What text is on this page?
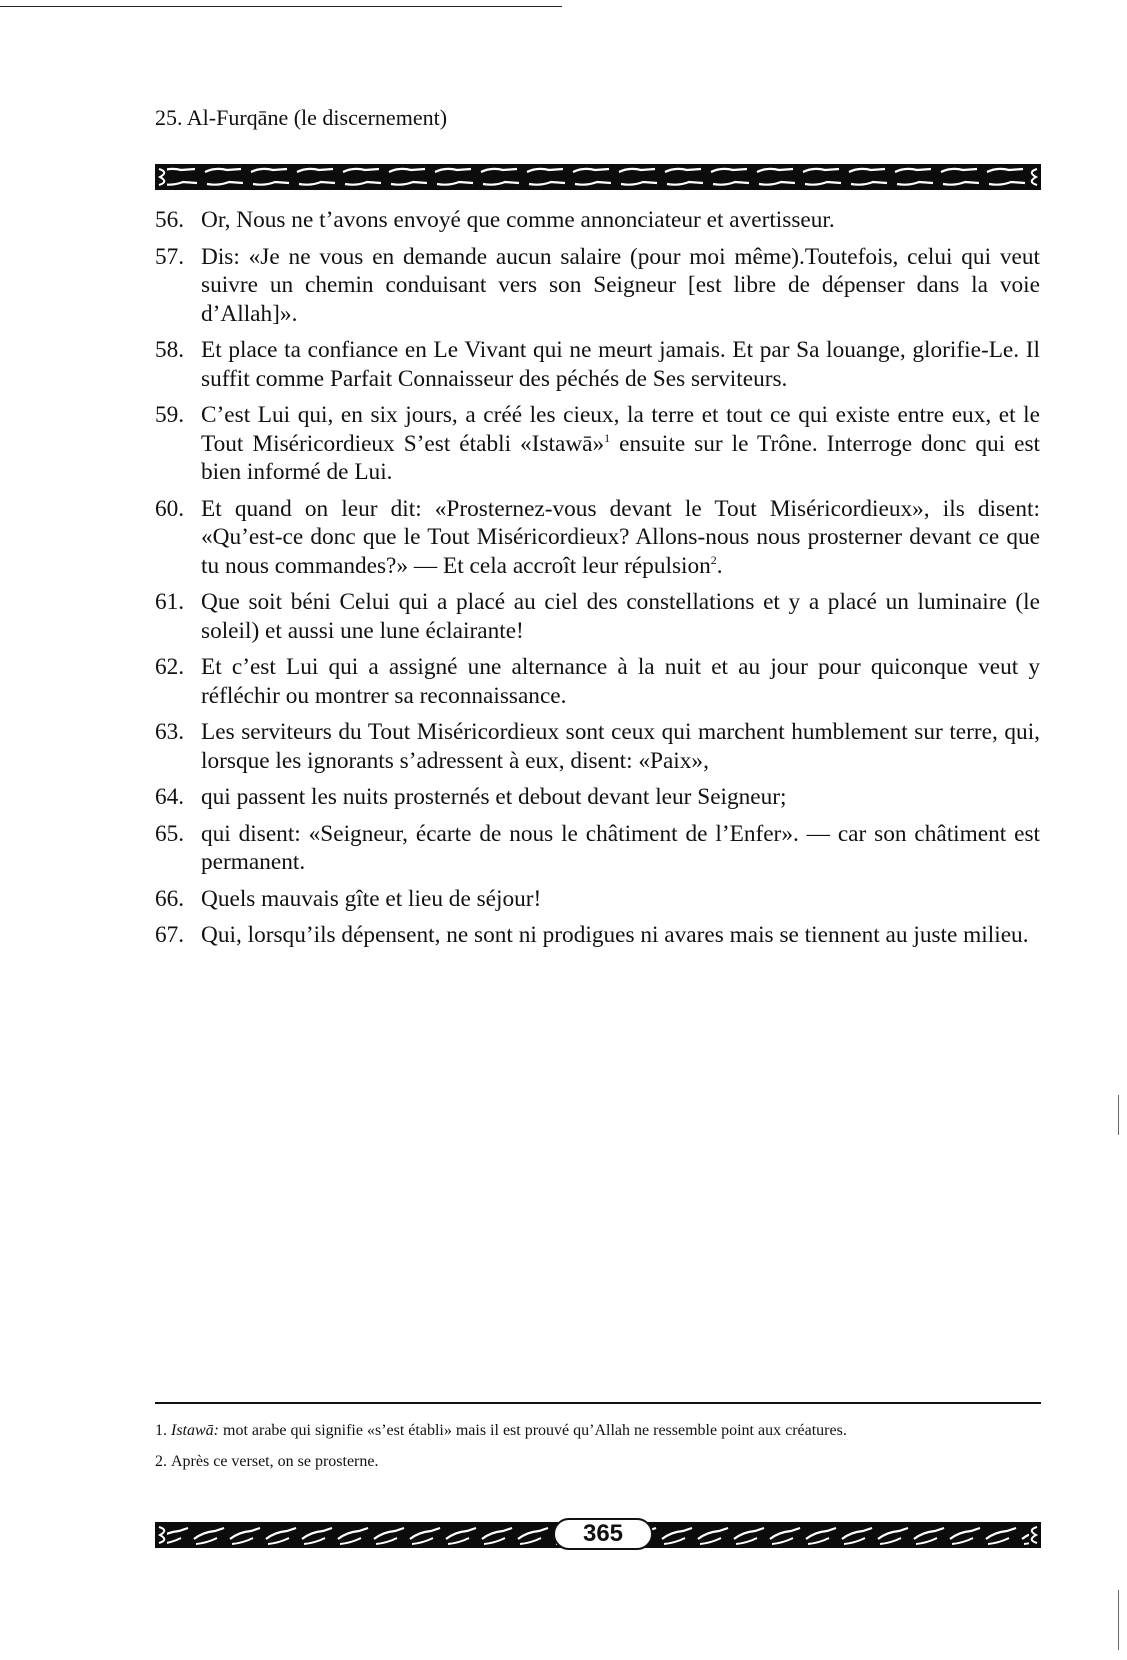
25. Al-Furqāne (le discernement)
56. Or, Nous ne t’avons envoyé que comme annonciateur et avertisseur.
57. Dis: «Je ne vous en demande aucun salaire (pour moi même).Toutefois, celui qui veut suivre un chemin conduisant vers son Seigneur [est libre de dépenser dans la voie d’Allah]».
58. Et place ta confiance en Le Vivant qui ne meurt jamais. Et par Sa louange, glorifie-Le. Il suffit comme Parfait Connaisseur des péchés de Ses serviteurs.
59. C’est Lui qui, en six jours, a créé les cieux, la terre et tout ce qui existe entre eux, et le Tout Miséricordieux S’est établi «Istawā»$^1$ ensuite sur le Trône. Interroge donc qui est bien informé de Lui.
60. Et quand on leur dit: «Prosternez-vous devant le Tout Miséricordieux», ils disent: «Qu’est-ce donc que le Tout Miséricordieux? Allons-nous nous prosterner devant ce que tu nous commandes?» — Et cela accroît leur répulsion$^2$.
61. Que soit béni Celui qui a placé au ciel des constellations et y a placé un luminaire (le soleil) et aussi une lune éclairante!
62. Et c’est Lui qui a assigné une alternance à la nuit et au jour pour quiconque veut y réfléchir ou montrer sa reconnaissance.
63. Les serviteurs du Tout Miséricordieux sont ceux qui marchent humblement sur terre, qui, lorsque les ignorants s’adressent à eux, disent: «Paix»,
64. qui passent les nuits prosternés et debout devant leur Seigneur;
65. qui disent: «Seigneur, écarte de nous le châtiment de l’Enfer». — car son châtiment est permanent.
66. Quels mauvais gîte et lieu de séjour!
67. Qui, lorsqu’ils dépensent, ne sont ni prodigues ni avares mais se tiennent au juste milieu.
1. Istawā: mot arabe qui signifie «s’est établi» mais il est prouvé qu’Allah ne ressemble point aux créatures.
2. Après ce verset, on se prosterne.
365
